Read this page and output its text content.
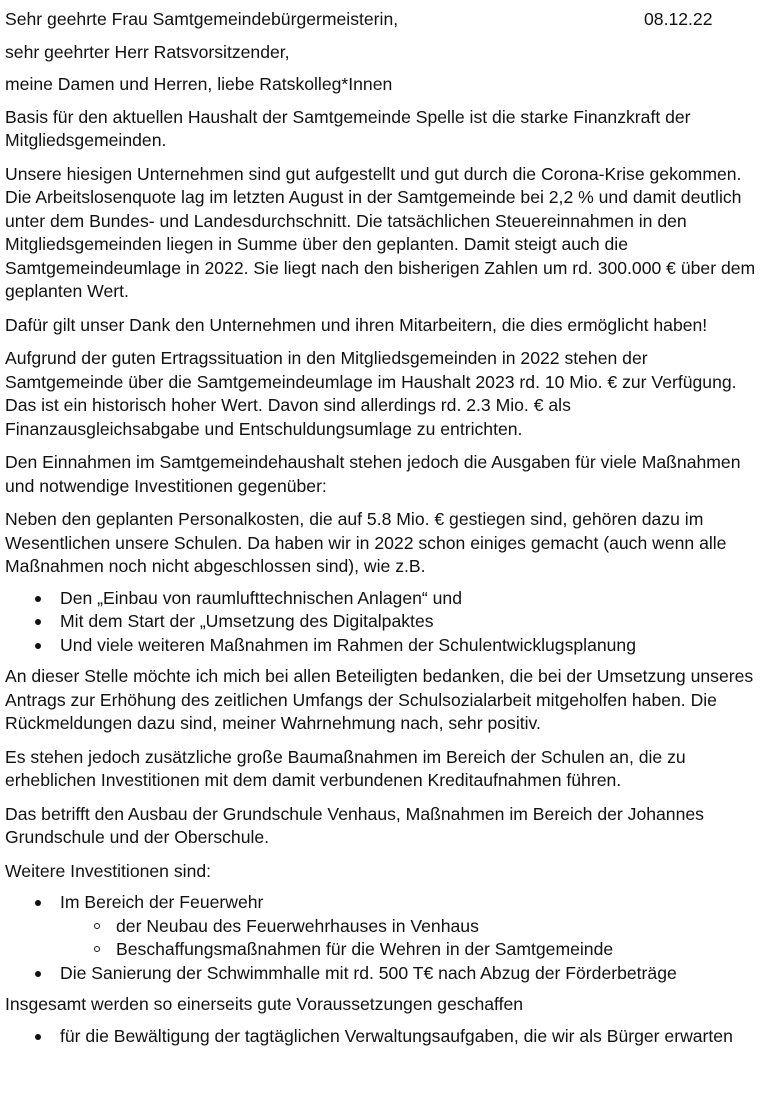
Sehr geehrte Frau Samtgemeindebürgermeisterin,	08.12.22
sehr geehrter Herr Ratsvorsitzender,
meine Damen und Herren, liebe Ratskolleg*Innen

Basis für den aktuellen Haushalt der Samtgemeinde Spelle ist die starke Finanzkraft der Mitgliedsgemeinden.

Unsere hiesigen Unternehmen sind gut aufgestellt und gut durch die Corona-Krise gekommen. Die Arbeitslosenquote lag im letzten August in der Samtgemeinde bei 2,2 % und damit deutlich unter dem Bundes- und Landesdurchschnitt. Die tatsächlichen Steuereinnahmen in den Mitgliedsgemeinden liegen in Summe über den geplanten. Damit steigt auch die Samtgemeindeumlage in 2022. Sie liegt nach den bisherigen Zahlen um rd. 300.000 € über dem geplanten Wert.

Dafür gilt unser Dank den Unternehmen und ihren Mitarbeitern, die dies ermöglicht haben!

Aufgrund der guten Ertragssituation in den Mitgliedsgemeinden in 2022 stehen der Samtgemeinde über die Samtgemeindeumlage im Haushalt 2023 rd. 10 Mio. € zur Verfügung. Das ist ein historisch hoher Wert. Davon sind allerdings rd. 2.3 Mio. € als Finanzausgleichsabgabe und Entschuldungsumlage zu entrichten.

Den Einnahmen im Samtgemeindehaushalt stehen jedoch die Ausgaben für viele Maßnahmen und notwendige Investitionen gegenüber:

Neben den geplanten Personalkosten, die auf 5.8 Mio. € gestiegen sind, gehören dazu im Wesentlichen unsere Schulen. Da haben wir in 2022 schon einiges gemacht (auch wenn alle Maßnahmen noch nicht abgeschlossen sind), wie z.B.

Den „Einbau von raumlufttechnischen Anlagen“ und
Mit dem Start der „Umsetzung des Digitalpaktes
Und viele weiteren Maßnahmen im Rahmen der Schulentwicklugsplanung

An dieser Stelle möchte ich mich bei allen Beteiligten bedanken, die bei der Umsetzung unseres Antrags zur Erhöhung des zeitlichen Umfangs der Schulsozialarbeit mitgeholfen haben. Die Rückmeldungen dazu sind, meiner Wahrnehmung nach, sehr positiv.

Es stehen jedoch zusätzliche große Baumaßnahmen im Bereich der Schulen an, die zu erheblichen Investitionen mit dem damit verbundenen Kreditaufnahmen führen.

Das betrifft den Ausbau der Grundschule Venhaus, Maßnahmen im Bereich der Johannes Grundschule und der Oberschule.

Weitere Investitionen sind:

Im Bereich der Feuerwehr
der Neubau des Feuerwehrhauses in Venhaus
Beschaffungsmaßnahmen für die Wehren in der Samtgemeinde
Die Sanierung der Schwimmhalle mit rd. 500 T€ nach Abzug der Förderbeträge

Insgesamt werden so einerseits gute Voraussetzungen geschaffen

für die Bewältigung der tagtäglichen Verwaltungsaufgaben, die wir als Bürger erwarten
